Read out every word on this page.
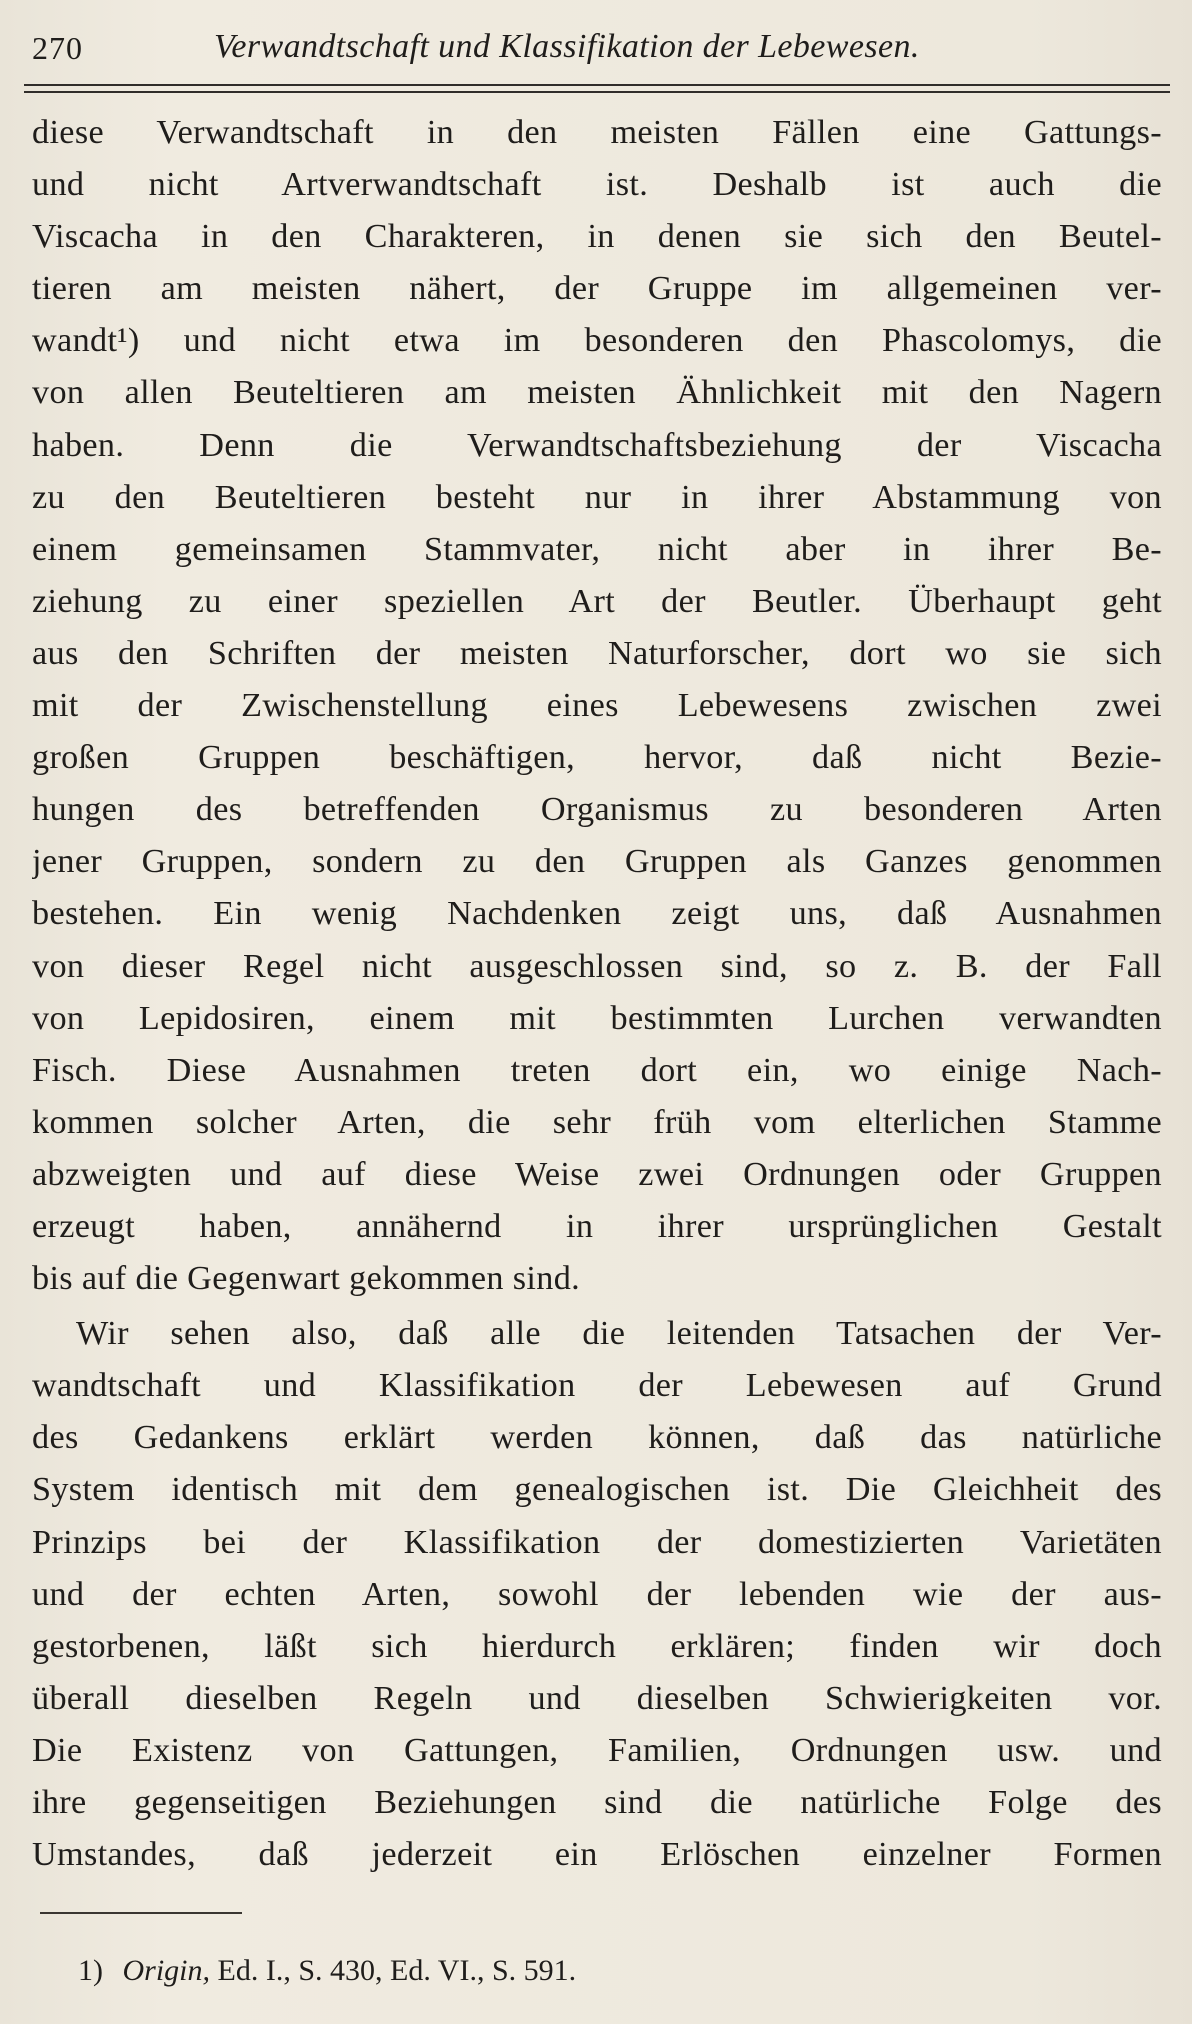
270	Verwandtschaft und Klassifikation der Lebewesen.
diese Verwandtschaft in den meisten Fällen eine Gattungs-
und nicht Artverwandtschaft ist. Deshalb ist auch die
Viscacha in den Charakteren, in denen sie sich den Beutel-
tieren am meisten nähert, der Gruppe im allgemeinen ver-
wandt¹) und nicht etwa im besonderen den Phascolomys, die
von allen Beuteltieren am meisten Ähnlichkeit mit den Nagern
haben. Denn die Verwandtschaftsbeziehung der Viscacha
zu den Beuteltieren besteht nur in ihrer Abstammung von
einem gemeinsamen Stammvater, nicht aber in ihrer Be-
ziehung zu einer speziellen Art der Beutler. Überhaupt geht
aus den Schriften der meisten Naturforscher, dort wo sie sich
mit der Zwischenstellung eines Lebewesens zwischen zwei
großen Gruppen beschäftigen, hervor, daß nicht Bezie-
hungen des betreffenden Organismus zu besonderen Arten
jener Gruppen, sondern zu den Gruppen als Ganzes genommen
bestehen. Ein wenig Nachdenken zeigt uns, daß Ausnahmen
von dieser Regel nicht ausgeschlossen sind, so z. B. der Fall
von Lepidosiren, einem mit bestimmten Lurchen verwandten
Fisch. Diese Ausnahmen treten dort ein, wo einige Nach-
kommen solcher Arten, die sehr früh vom elterlichen Stamme
abzweigten und auf diese Weise zwei Ordnungen oder Gruppen
erzeugt haben, annähernd in ihrer ursprünglichen Gestalt
bis auf die Gegenwart gekommen sind.
Wir sehen also, daß alle die leitenden Tatsachen der Ver-
wandtschaft und Klassifikation der Lebewesen auf Grund
des Gedankens erklärt werden können, daß das natürliche
System identisch mit dem genealogischen ist. Die Gleichheit des
Prinzips bei der Klassifikation der domestizierten Varietäten
und der echten Arten, sowohl der lebenden wie der aus-
gestorbenen, läßt sich hierdurch erklären; finden wir doch
überall dieselben Regeln und dieselben Schwierigkeiten vor.
Die Existenz von Gattungen, Familien, Ordnungen usw. und
ihre gegenseitigen Beziehungen sind die natürliche Folge des
Umstandes, daß jederzeit ein Erlöschen einzelner Formen
1) Origin, Ed. I., S. 430, Ed. VI., S. 591.
